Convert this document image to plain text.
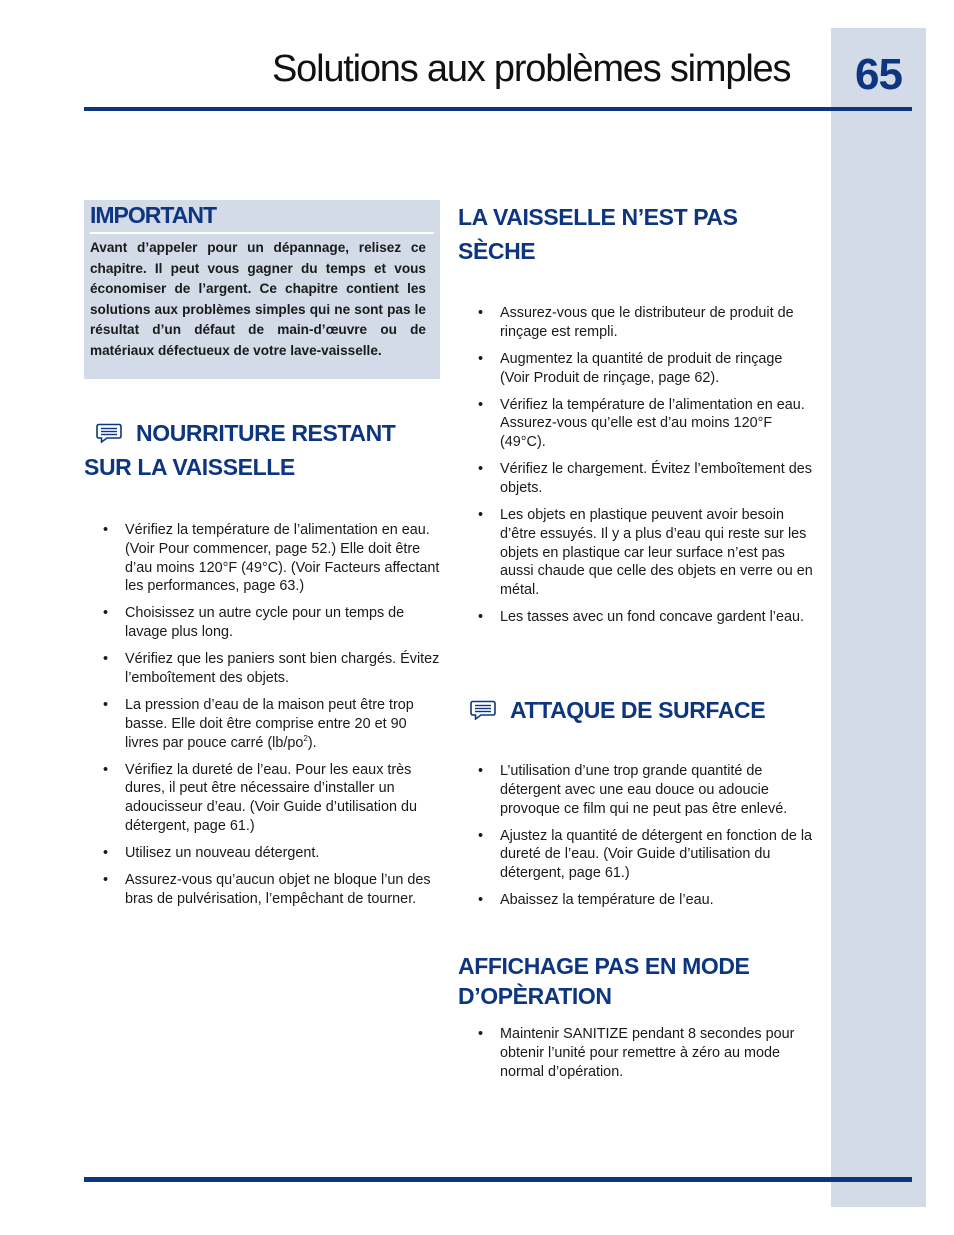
65
Solutions aux problèmes simples
IMPORTANT
Avant d’appeler pour un dépannage, relisez ce chapitre. Il peut vous gagner du temps et vous économiser de l’argent. Ce chapitre contient les solutions aux problèmes simples qui ne sont pas le résultat d’un défaut de main-d’œuvre ou de matériaux défectueux de votre lave-vaisselle.
NOURRITURE RESTANT
SUR LA VAISSELLE
• Vérifiez la température de l’alimentation en eau. (Voir Pour commencer, page 52.) Elle doit être d’au moins 120°F (49°C). (Voir Facteurs affectant les performances, page 63.)
• Choisissez un autre cycle pour un temps de lavage plus long.
• Vérifiez que les paniers sont bien chargés. Évitez l’emboîtement des objets.
• La pression d’eau de la maison peut être trop basse. Elle doit être comprise entre 20 et 90 livres par pouce carré $(lb/po^2)$.
• Vérifiez la dureté de l’eau. Pour les eaux très dures, il peut être nécessaire d’installer un adoucisseur d’eau. (Voir Guide d’utilisation du détergent, page 61.)
• Utilisez un nouveau détergent.
• Assurez-vous qu’aucun objet ne bloque l’un des bras de pulvérisation, l’empêchant de tourner.
LA VAISSELLE N’EST PAS
SÈCHE
• Assurez-vous que le distributeur de produit de rinçage est rempli.
• Augmentez la quantité de produit de rinçage (Voir Produit de rinçage, page 62).
• Vérifiez la température de l’alimentation en eau. Assurez-vous qu’elle est d’au moins 120°F (49°C).
• Vérifiez le chargement. Évitez l’emboîtement des objets.
• Les objets en plastique peuvent avoir besoin d’être essuyés. Il y a plus d’eau qui reste sur les objets en plastique car leur surface n’est pas aussi chaude que celle des objets en verre ou en métal.
• Les tasses avec un fond concave gardent l’eau.
ATTAQUE DE SURFACE
• L’utilisation d’une trop grande quantité de détergent avec une eau douce ou adoucie provoque ce film qui ne peut pas être enlevé.
• Ajustez la quantité de détergent en fonction de la dureté de l’eau. (Voir Guide d’utilisation du détergent, page 61.)
• Abaissez la température de l’eau.
AFFICHAGE PAS EN MODE
D’OPÈRATION
• Maintenir SANITIZE pendant 8 secondes pour obtenir l’unité pour remettre à zéro au mode normal d’opération.
